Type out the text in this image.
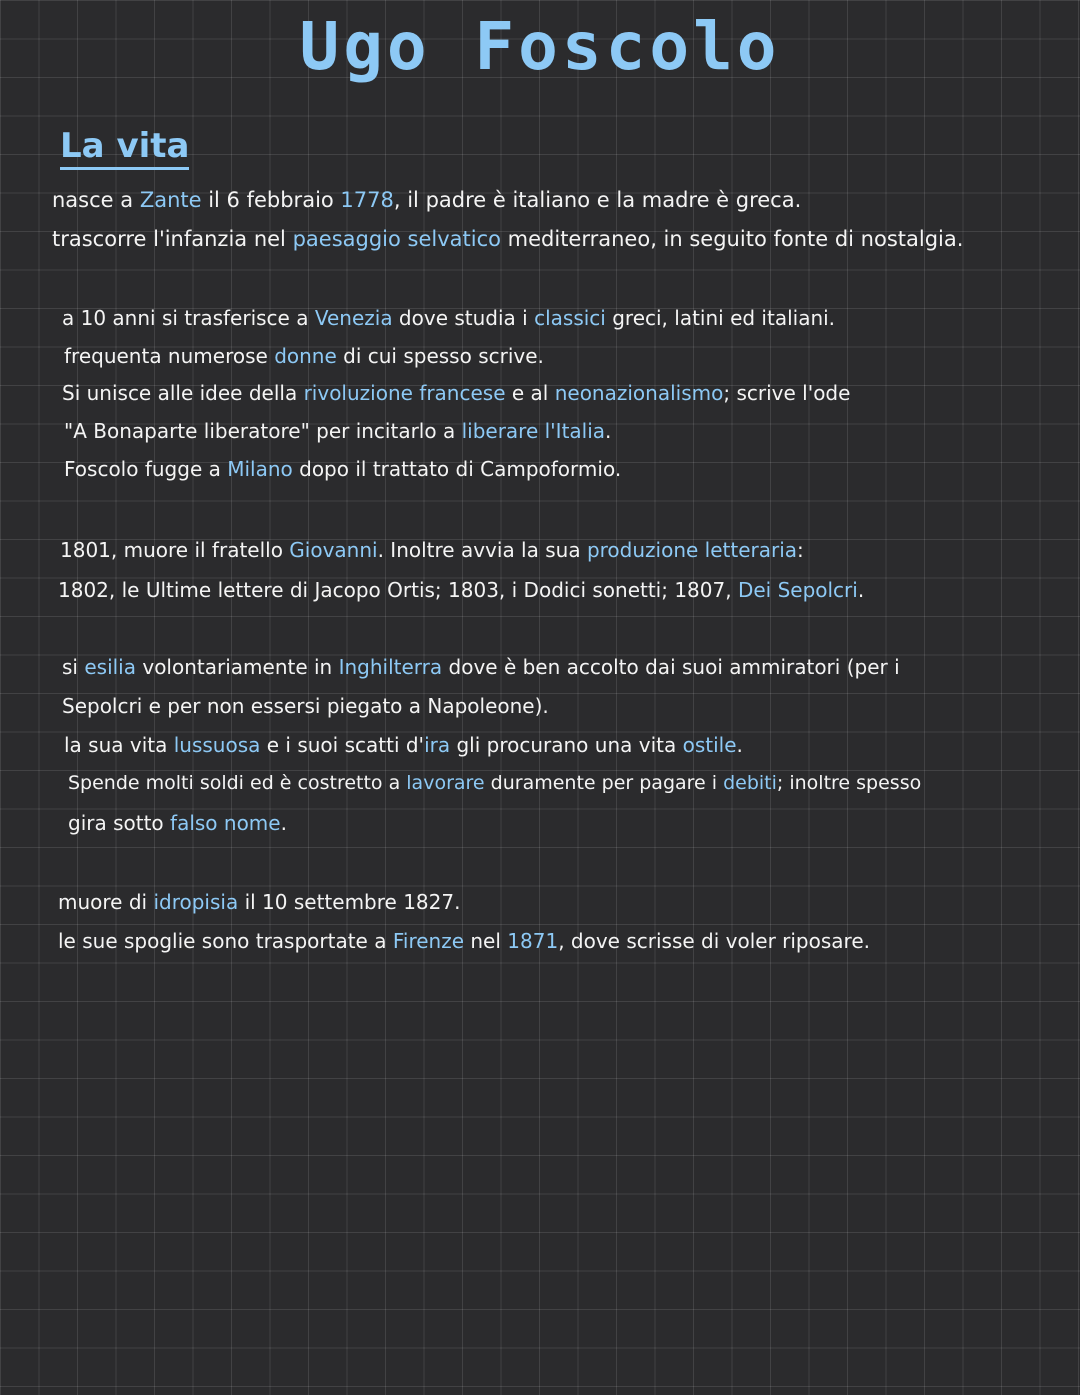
Ugo Foscolo
La vita
nasce a Zante il 6 febbraio 1778, il padre è italiano e la madre è greca.
trascorre l'infanzia nel paesaggio selvatico mediterraneo, in seguito fonte di nostalgia.
a 10 anni si trasferisce a Venezia dove studia i classici greci, latini ed italiani.
frequenta numerose donne di cui spesso scrive.
Si unisce alle idee della rivoluzione francese e al neonazionalismo; scrive l'ode
"A Bonaparte liberatore" per incitarlo a liberare l'Italia.
Foscolo fugge a Milano dopo il trattato di Campoformio.
1801, muore il fratello Giovanni. Inoltre avvia la sua produzione letteraria:
1802, le Ultime lettere di Jacopo Ortis; 1803, i Dodici sonetti; 1807, Dei Sepolcri.
si esilia volontariamente in Inghilterra dove è ben accolto dai suoi ammiratori (per i
Sepolcri e per non essersi piegato a Napoleone).
la sua vita lussuosa e i suoi scatti d'ira gli procurano una vita ostile.
Spende molti soldi ed è costretto a lavorare duramente per pagare i debiti; inoltre spesso
gira sotto falso nome.
muore di idropisia il 10 settembre 1827.
le sue spoglie sono trasportate a Firenze nel 1871, dove scrisse di voler riposare.
